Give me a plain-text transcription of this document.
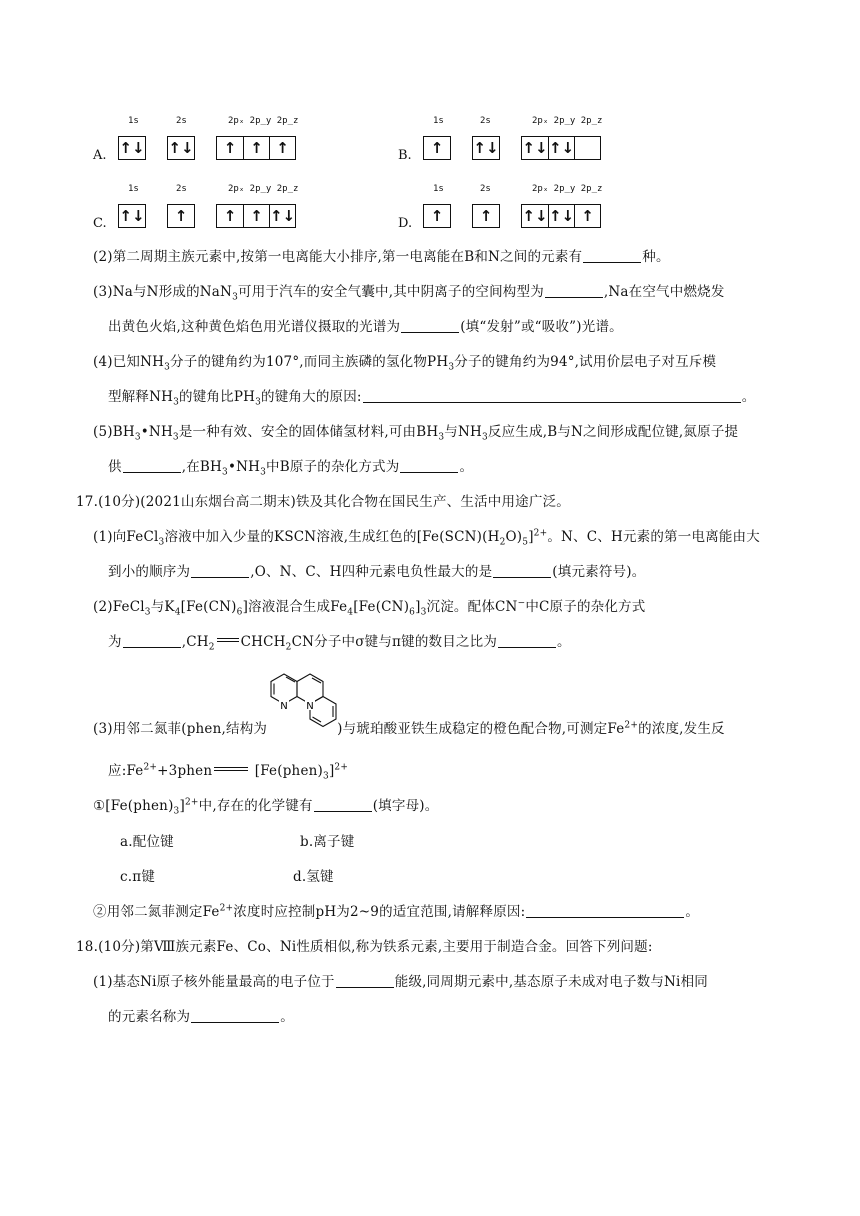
A.
1s	2s	2pₓ 2p_y 2p_z
↑↓ ↑↓	↑ ↑ ↑	B.
1s	2s	2pₓ 2p_y 2p_z
↑	↑↓ ↑↓ ↑↓
C.
1s	2s	2pₓ 2p_y 2p_z
↑↓	↑	↑ ↑ ↑↓	D.
1s	2s	2pₓ 2p_y 2p_z
↑	↑	↑↓ ↑↓ ↑
(2)第二周期主族元素中,按第一电离能大小排序,第一电离能在B和N之间的元素有	种。
(3)Na与N形成的NaN$_3$可用于汽车的安全气囊中,其中阴离子的空间构型为	,Na在空气中燃烧发
出黄色火焰,这种黄色焰色用光谱仪摄取的光谱为	(填“发射”或“吸收”)光谱。
(4)已知$NH_3$分子的键角约为107°,而同主族磷的氢化物$PH_3$分子的键角约为94°,试用价层电子对互斥模
型解释$NH_3$的键角比$PH_3$的键角大的原因:	。
$(5)BH_3•NH_3$是一种有效、安全的固体储氢材料,可由$BH_3$与$NH_3$反应生成,B与N之间形成配位键,氮原子提
供	,在$BH_3•NH_3$中B原子的杂化方式为	。
17.(10分)(2021山东烟台高二期末)铁及其化合物在国民生产、生活中用途广泛。
(1)向FeCl$_3$溶液中加入少量的KSCN溶液,生成红色的$[Fe(SCN)(H_2O)_5]^{2+}$。N、C、H元素的第一电离能由大
到小的顺序为	,O、N、C、H四种元素电负性最大的是	(填元素符号)。
(2)FeCl$_3$与$K_4[Fe(CN)_6]$溶液混合生成$Fe_4[Fe(CN)_6]_3$沉淀。配体CN−中C原子的杂化方式
为	$,CH_2$ $CHCH_2CN$分子中σ键与π键的数目之比为	。
N N
(3)用邻二氮菲(phen,结构为	)与琥珀酸亚铁生成稳定的橙色配合物,可测定$Fe^{2+}$的浓度,发生反
应$:Fe^{2+}+3phen$	$[Fe(phen)_3]^{2+}$
$①[Fe(phen)_3]^{2+}$中,存在的化学键有	(填字母)。
a.配位键	b.离子键
c.π键	d.氢键
②用邻二氮菲测定$Fe^{2+}$浓度时应控制pH为2~9的适宜范围,请解释原因:	。
18.(10分)第Ⅷ族元素Fe、Co、Ni性质相似,称为铁系元素,主要用于制造合金。回答下列问题:
(1)基态Ni原子核外能量最高的电子位于	能级,同周期元素中,基态原子未成对电子数与Ni相同
的元素名称为	。
